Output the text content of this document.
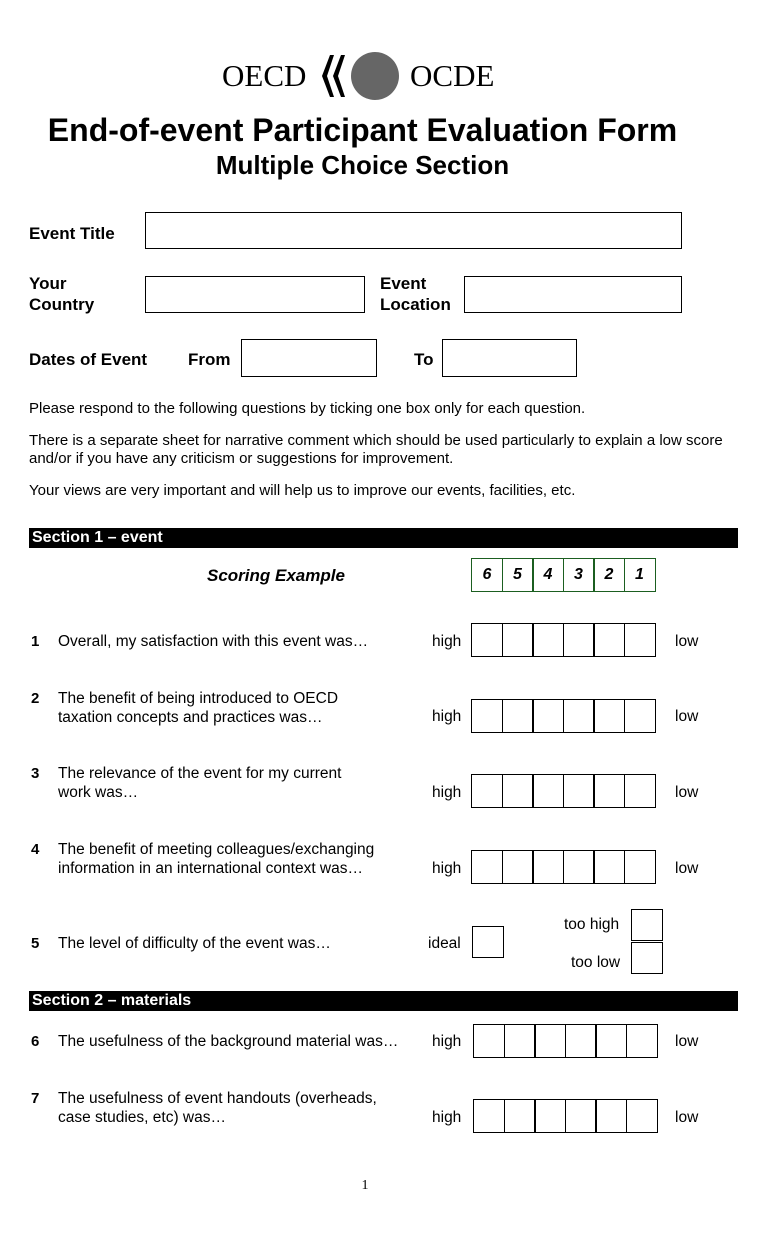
OECD	OCDE
End-of-event Participant Evaluation Form
Multiple Choice Section
Event Title
Your
Country
Event
Location
Dates of Event From	To
Please respond to the following questions by ticking one box only for each question.
There is a separate sheet for narrative comment which should be used particularly to explain a low score and/or if you have any criticism or suggestions for improvement.
Your views are very important and will help us to improve our events, facilities, etc.
Section 1 – event
Scoring Example	6	5	4	3	2	1
1 Overall, my satisfaction with this event was…	high	low
2 The benefit of being introduced to OECD taxation concepts and practices was…	high	low
3 The relevance of the event for my current work was…	high	low
4 The benefit of meeting colleagues/exchanging information in an international context was…	high	low
5 The level of difficulty of the event was…	ideal
too high
too low
Section 2 – materials
6 The usefulness of the background material was…	high	low
7 The usefulness of event handouts (overheads, case studies, etc) was…	high	low
1
